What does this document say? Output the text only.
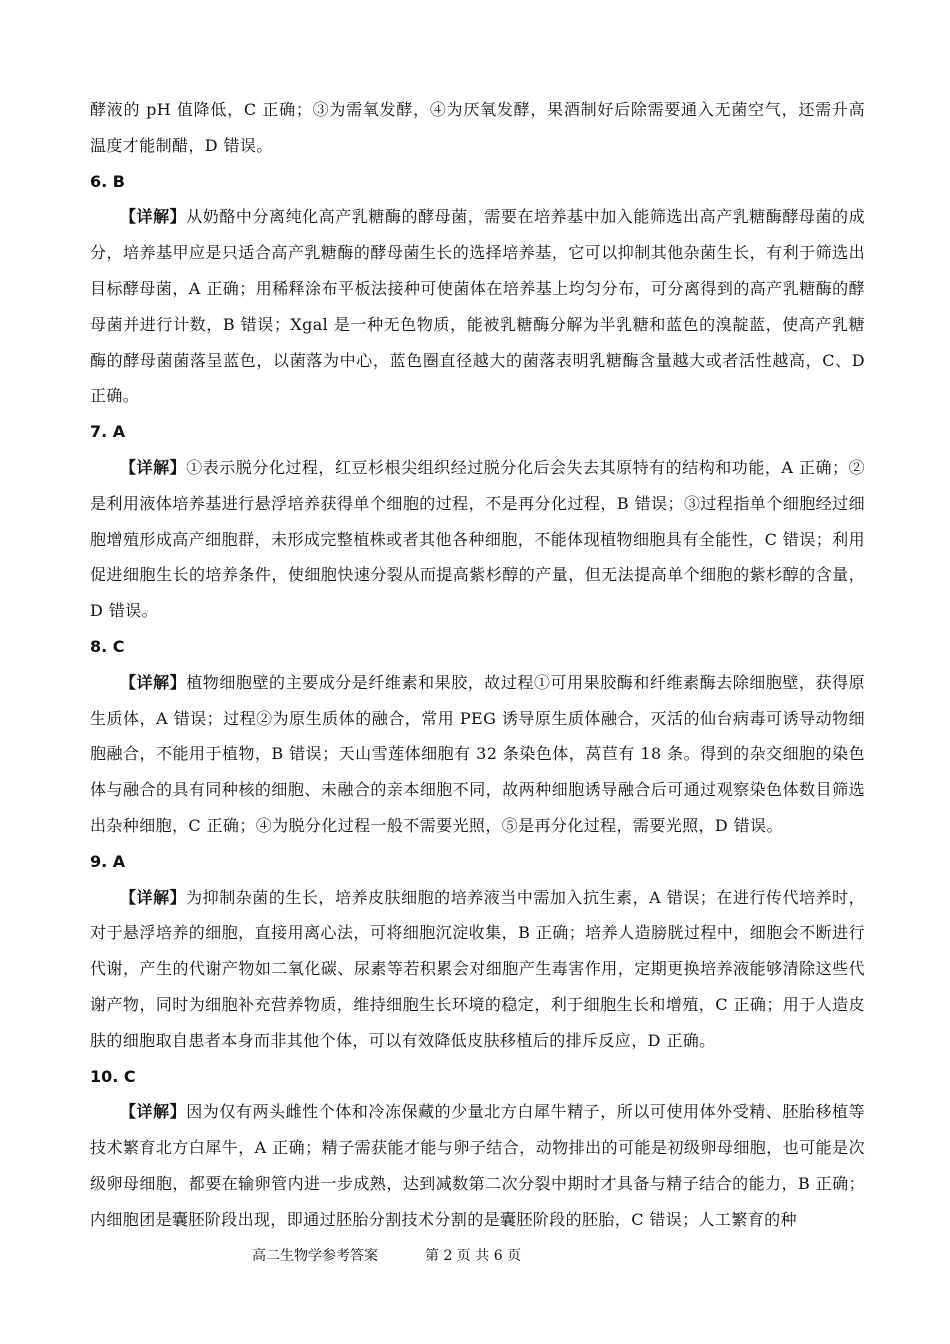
酵液的 pH 值降低，C 正确；③为需氧发酵，④为厌氧发酵，果酒制好后除需要通入无菌空气，还需升高温度才能制醋，D 错误。

6. B

【详解】从奶酪中分离纯化高产乳糖酶的酵母菌，需要在培养基中加入能筛选出高产乳糖酶酵母菌的成分，培养基甲应是只适合高产乳糖酶的酵母菌生长的选择培养基，它可以抑制其他杂菌生长，有利于筛选出目标酵母菌，A 正确；用稀释涂布平板法接种可使菌体在培养基上均匀分布，可分离得到的高产乳糖酶的酵母菌并进行计数，B 错误；Xgal 是一种无色物质，能被乳糖酶分解为半乳糖和蓝色的溴靛蓝，使高产乳糖酶的酵母菌菌落呈蓝色，以菌落为中心，蓝色圈直径越大的菌落表明乳糖酶含量越大或者活性越高，C、D 正确。

7. A

【详解】①表示脱分化过程，红豆杉根尖组织经过脱分化后会失去其原特有的结构和功能，A 正确；②是利用液体培养基进行悬浮培养获得单个细胞的过程，不是再分化过程，B 错误；③过程指单个细胞经过细胞增殖形成高产细胞群，未形成完整植株或者其他各种细胞，不能体现植物细胞具有全能性，C 错误；利用促进细胞生长的培养条件，使细胞快速分裂从而提高紫杉醇的产量，但无法提高单个细胞的紫杉醇的含量，D 错误。

8. C

【详解】植物细胞壁的主要成分是纤维素和果胶，故过程①可用果胶酶和纤维素酶去除细胞壁，获得原生质体，A 错误；过程②为原生质体的融合，常用 PEG 诱导原生质体融合，灭活的仙台病毒可诱导动物细胞融合，不能用于植物，B 错误；天山雪莲体细胞有 32 条染色体，莴苣有 18 条。得到的杂交细胞的染色体与融合的具有同种核的细胞、未融合的亲本细胞不同，故两种细胞诱导融合后可通过观察染色体数目筛选出杂种细胞，C 正确；④为脱分化过程一般不需要光照，⑤是再分化过程，需要光照，D 错误。

9. A

【详解】为抑制杂菌的生长，培养皮肤细胞的培养液当中需加入抗生素，A 错误；在进行传代培养时，对于悬浮培养的细胞，直接用离心法，可将细胞沉淀收集，B 正确；培养人造膀胱过程中，细胞会不断进行代谢，产生的代谢产物如二氧化碳、尿素等若积累会对细胞产生毒害作用，定期更换培养液能够清除这些代谢产物，同时为细胞补充营养物质，维持细胞生长环境的稳定，利于细胞生长和增殖，C 正确；用于人造皮肤的细胞取自患者本身而非其他个体，可以有效降低皮肤移植后的排斥反应，D 正确。

10. C

【详解】因为仅有两头雌性个体和冷冻保藏的少量北方白犀牛精子，所以可使用体外受精、胚胎移植等技术繁育北方白犀牛，A 正确；精子需获能才能与卵子结合，动物排出的可能是初级卵母细胞，也可能是次级卵母细胞，都要在输卵管内进一步成熟，达到减数第二次分裂中期时才具备与精子结合的能力，B 正确；内细胞团是囊胚阶段出现，即通过胚胎分割技术分割的是囊胚阶段的胚胎，C 错误；人工繁育的种

高二生物学参考答案	第 2 页 共 6 页
